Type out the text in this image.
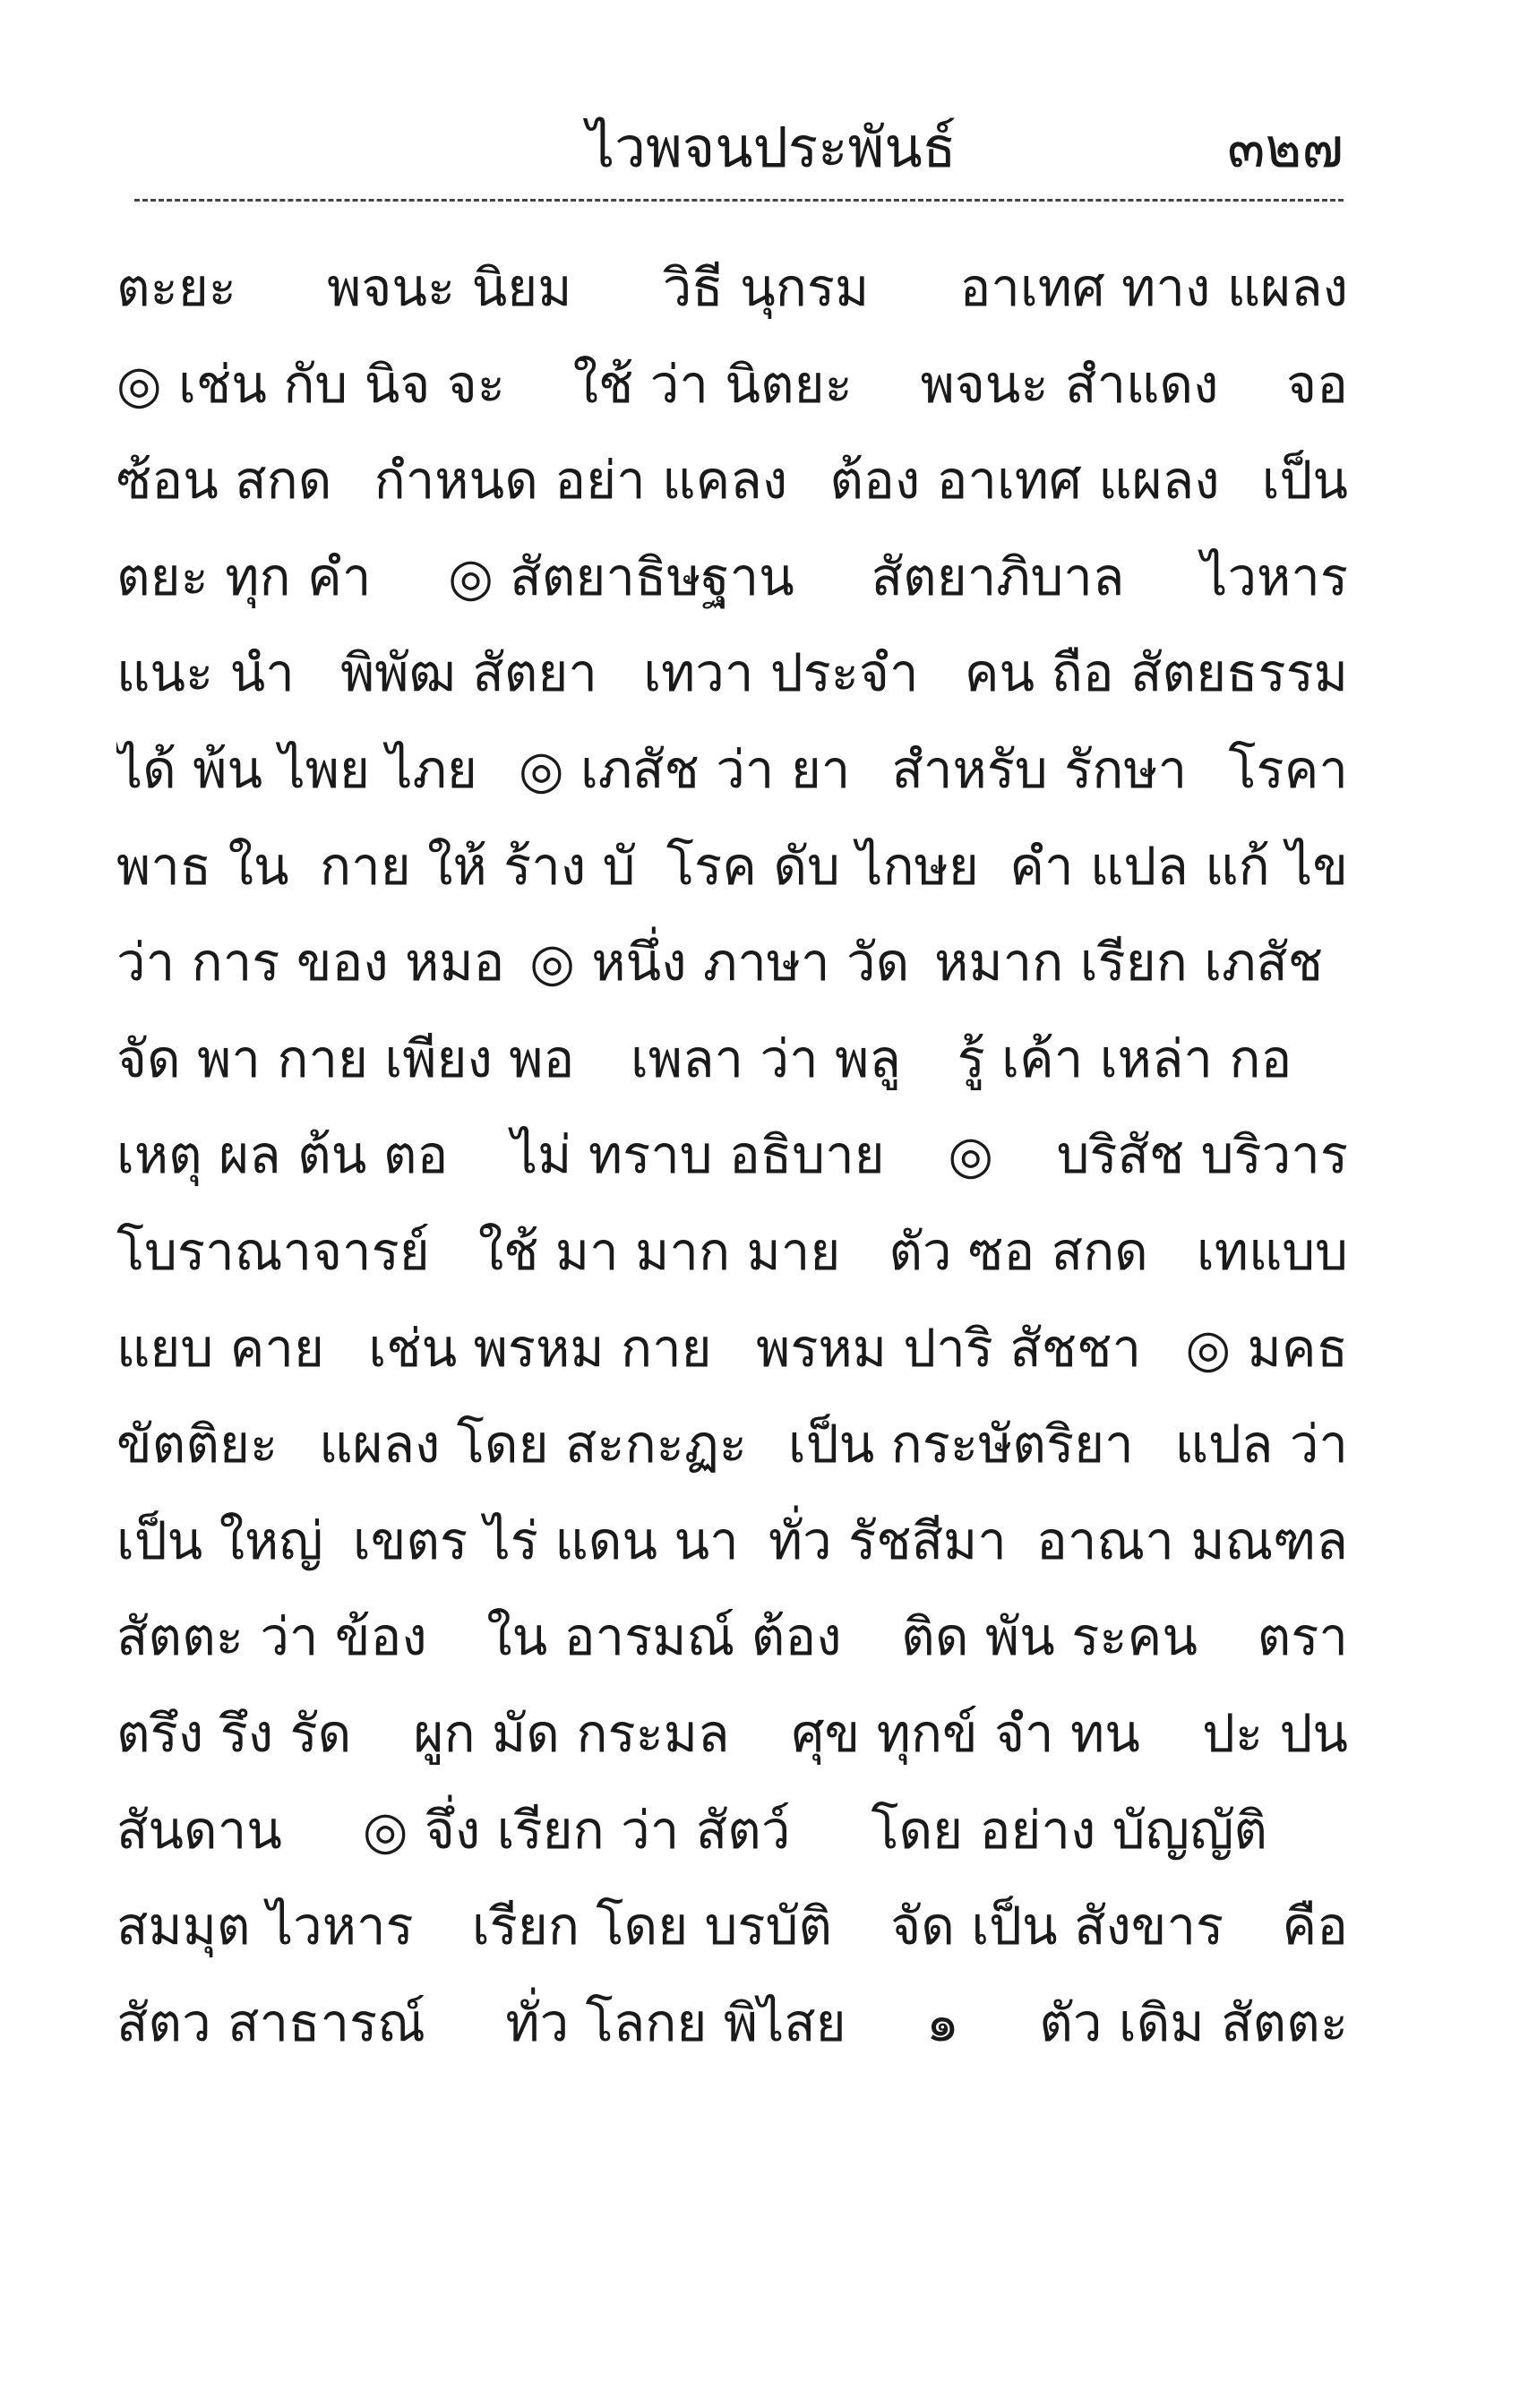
ไวพจนประพันธ์	๓๒๗
ตะยะ พจนะ นิยม วิธี นุกรม อาเทศ ทาง แผลง
◎ เช่น กับ นิจ จะ ใช้ ว่า นิตยะ พจนะ สำแดง จอ
ซ้อน สกด กำหนด อย่า แคลง ต้อง อาเทศ แผลง เป็น
ตยะ ทุก คำ ◎ สัตยาธิษฐาน สัตยาภิบาล ไวหาร
แนะ นำ พิพัฒ สัตยา เทวา ประจำ คน ถือ สัตยธรรม
ได้ พ้น ไพย ไภย ◎ เภสัช ว่า ยา สำหรับ รักษา โรคา
พาธ ใน กาย ให้ ร้าง บั โรค ดับ ไกษย คำ แปล แก้ ไข
ว่า การ ของ หมอ ◎ หนึ่ง ภาษา วัด หมาก เรียก เภสัช
จัด พา กาย เพียง พอ เพลา ว่า พลู รู้ เค้า เหล่า กอ
เหตุ ผล ต้น ตอ ไม่ ทราบ อธิบาย ◎ บริสัช บริวาร
โบราณาจารย์ ใช้ มา มาก มาย ตัว ซอ สกด เทแบบ
แยบ คาย เช่น พรหม กาย พรหม ปาริ สัชชา ◎ มคธ
ขัตติยะ แผลง โดย สะกะฏะ เป็น กระษัตริยา แปล ว่า
เป็น ใหญ่ เขตร ไร่ แดน นา ทั่ว รัชสีมา อาณา มณฑล
สัตตะ ว่า ข้อง ใน อารมณ์ ต้อง ติด พัน ระคน ตรา
ตรึง รึง รัด ผูก มัด กระมล ศุข ทุกข์ จำ ทน ปะ ปน
สันดาน ◎ จึ่ง เรียก ว่า สัตว์ โดย อย่าง บัญญัติ
สมมุต ไวหาร เรียก โดย บรบัติ จัด เป็น สังขาร คือ
สัตว สาธารณ์ ทั่ว โลกย พิไสย ๑ ตัว เดิม สัตตะ
